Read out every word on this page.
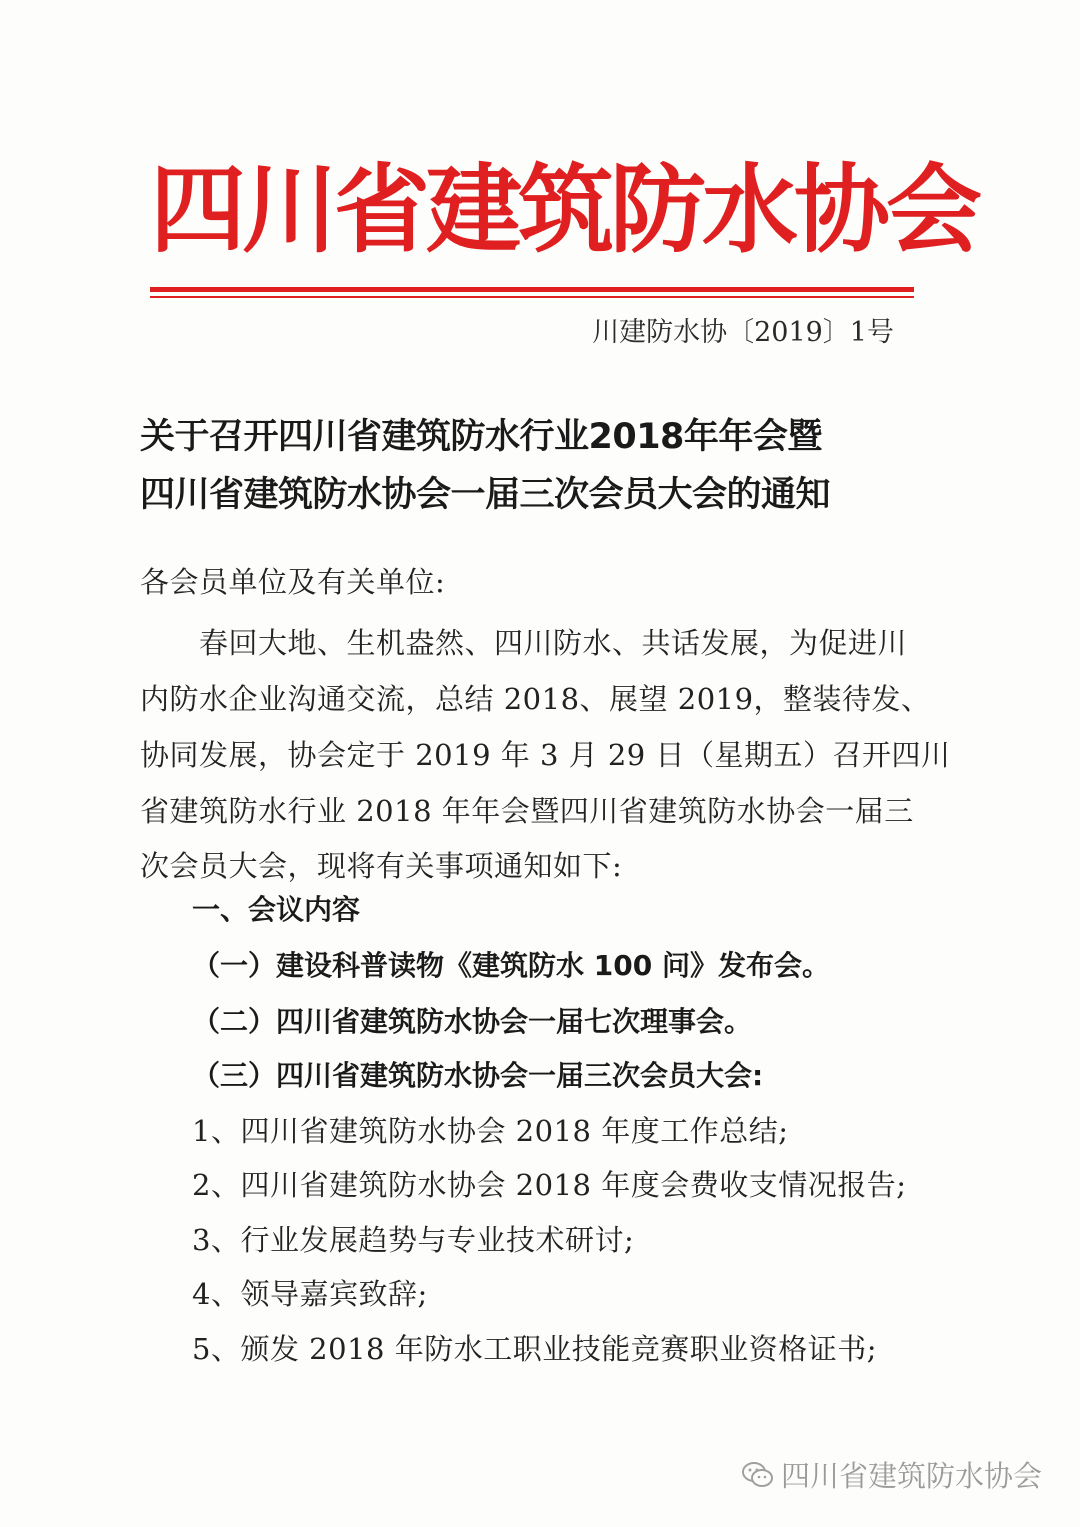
四川省建筑防水协会
川建防水协〔2019〕1号
关于召开四川省建筑防水行业2018年年会暨
四川省建筑防水协会一届三次会员大会的通知
各会员单位及有关单位:
春回大地、生机盎然、四川防水、共话发展，为促进川
内防水企业沟通交流，总结 2018、展望 2019，整装待发、
协同发展，协会定于 2019 年 3 月 29 日（星期五）召开四川
省建筑防水行业 2018 年年会暨四川省建筑防水协会一届三
次会员大会，现将有关事项通知如下:
一、会议内容
（一）建设科普读物《建筑防水 100 问》发布会。
（二）四川省建筑防水协会一届七次理事会。
（三）四川省建筑防水协会一届三次会员大会:
1、四川省建筑防水协会 2018 年度工作总结;
2、四川省建筑防水协会 2018 年度会费收支情况报告;
3、行业发展趋势与专业技术研讨;
4、领导嘉宾致辞;
5、颁发 2018 年防水工职业技能竞赛职业资格证书;
四川省建筑防水协会
